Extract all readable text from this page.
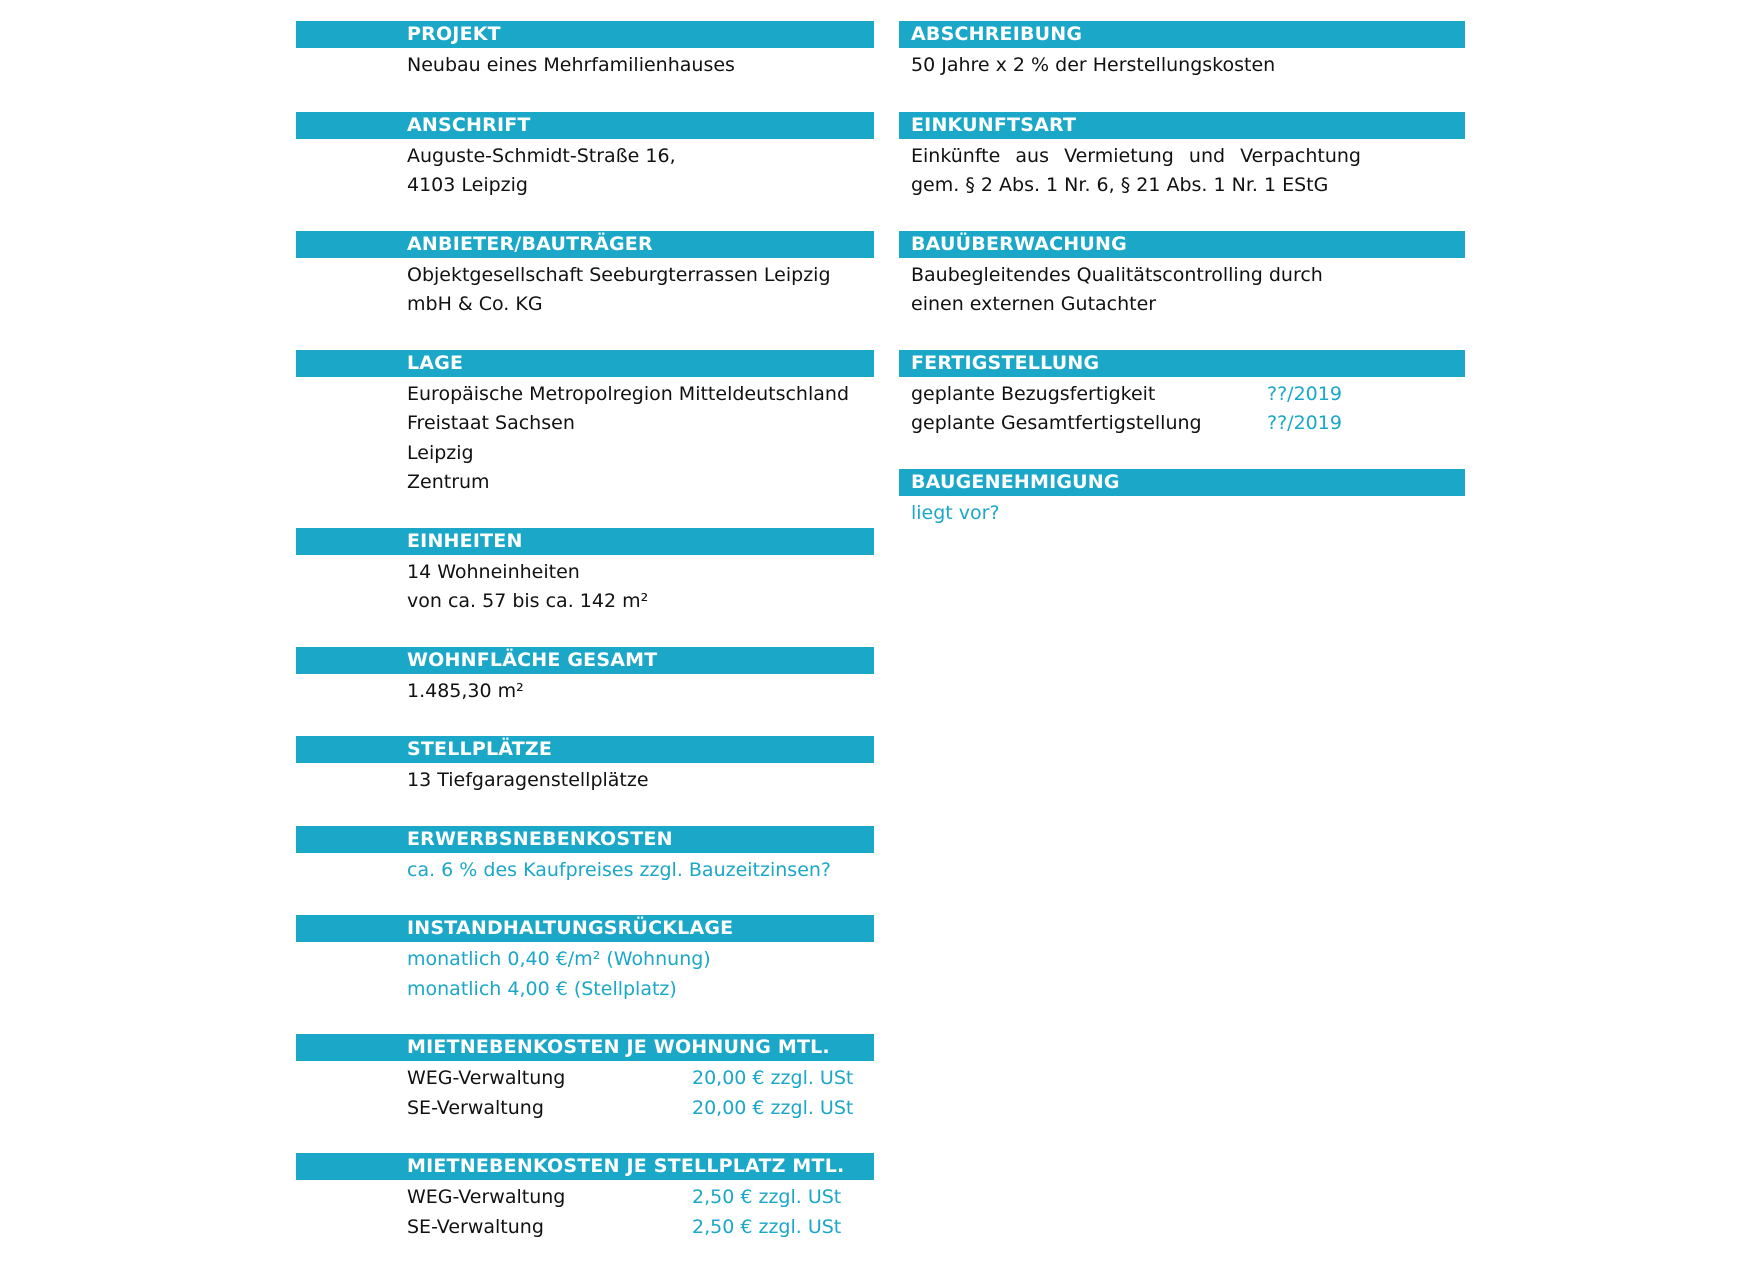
PROJEKT
Neubau eines Mehrfamilienhauses
ANSCHRIFT
Auguste-Schmidt-Straße 16,
4103 Leipzig
ANBIETER/BAUTRÄGER
Objektgesellschaft Seeburgterrassen Leipzig
mbH & Co. KG
LAGE
Europäische Metropolregion Mitteldeutschland
Freistaat Sachsen
Leipzig
Zentrum
EINHEITEN
14 Wohneinheiten
von ca. 57 bis ca. 142 m²
WOHNFLÄCHE GESAMT
1.485,30 m²
STELLPLÄTZE
13 Tiefgaragenstellplätze
ERWERBSNEBENKOSTEN
ca. 6 % des Kaufpreises zzgl. Bauzeitzinsen?
INSTANDHALTUNGSRÜCKLAGE
monatlich 0,40 €/m² (Wohnung)
monatlich 4,00 € (Stellplatz)
MIETNEBENKOSTEN JE WOHNUNG MTL.
WEG-Verwaltung	20,00 € zzgl. USt
SE-Verwaltung	20,00 € zzgl. USt
MIETNEBENKOSTEN JE STELLPLATZ MTL.
WEG-Verwaltung	2,50 € zzgl. USt
SE-Verwaltung	2,50 € zzgl. USt
ABSCHREIBUNG
50 Jahre x 2 % der Herstellungskosten
EINKUNFTSART
Einkünfte aus Vermietung und Verpachtung
gem. § 2 Abs. 1 Nr. 6, § 21 Abs. 1 Nr. 1 EStG
BAUÜBERWACHUNG
Baubegleitendes Qualitätscontrolling durch
einen externen Gutachter
FERTIGSTELLUNG
geplante Bezugsfertigkeit	??/2019
geplante Gesamtfertigstellung	??/2019
BAUGENEHMIGUNG
liegt vor?
